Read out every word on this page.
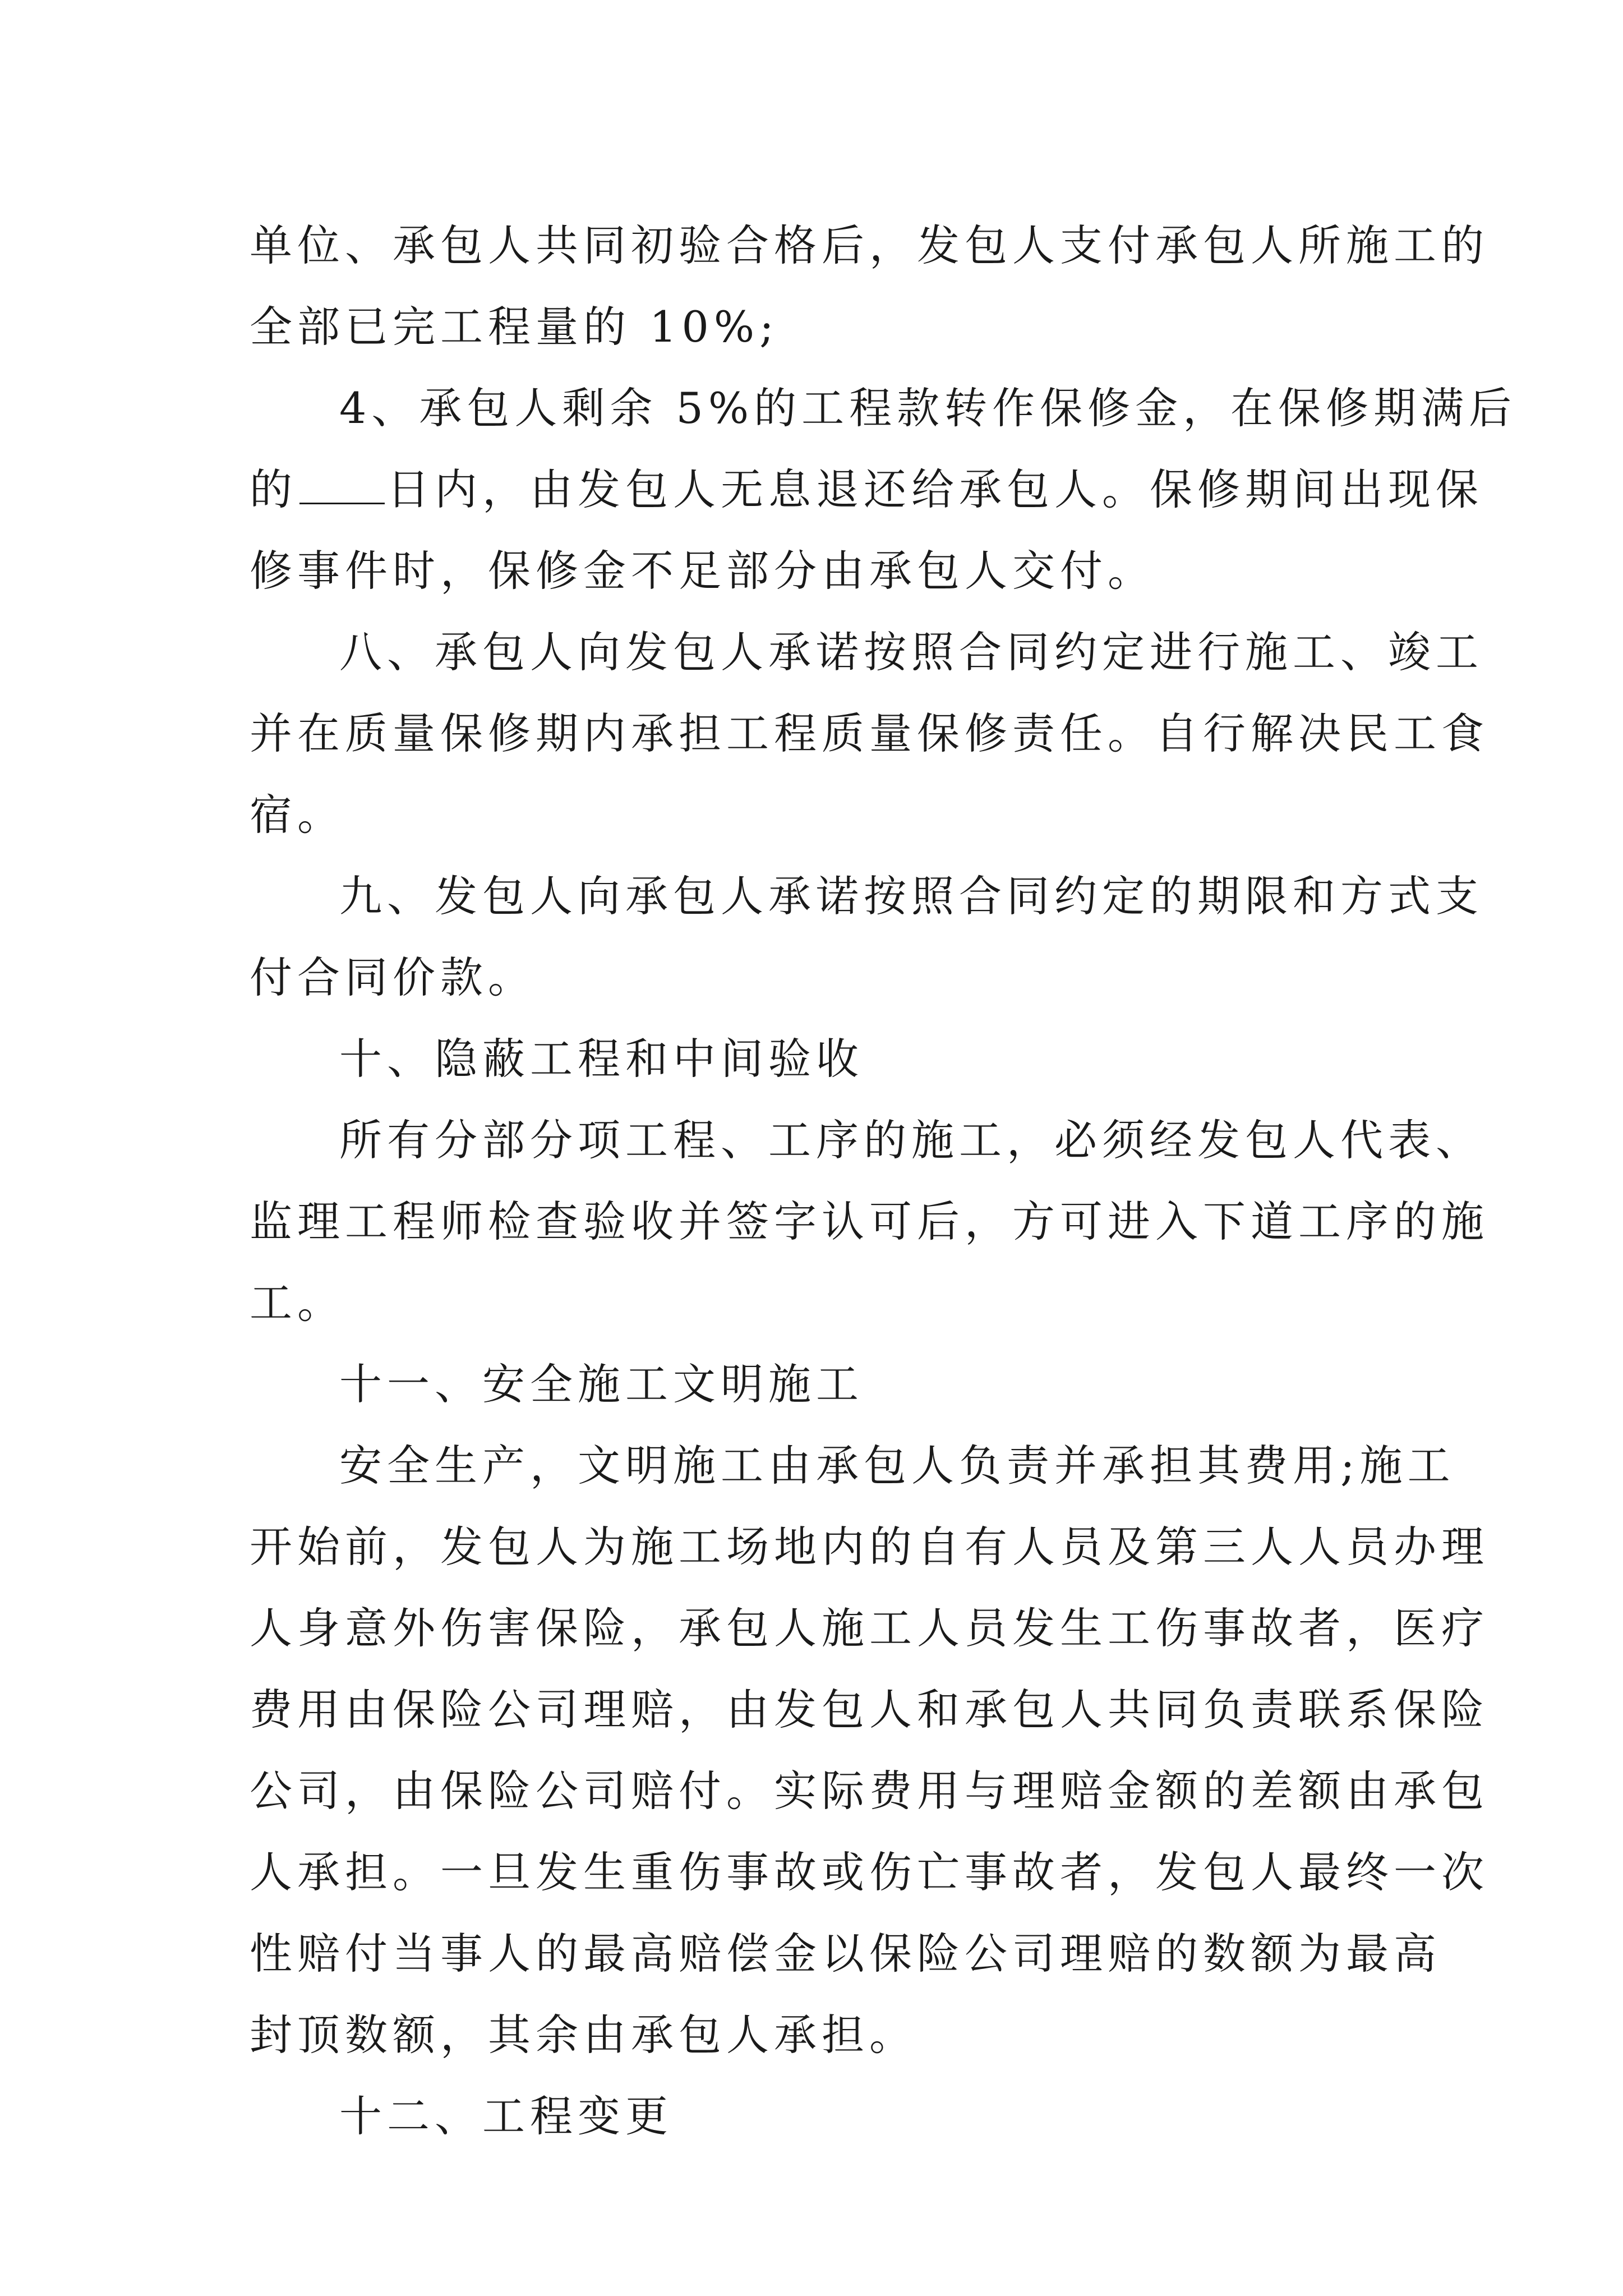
单位、承包人共同初验合格后，发包人支付承包人所施工的
全部已完工程量的 10%;

4、承包人剩余 5%的工程款转作保修金，在保修期满后
的 日内，由发包人无息退还给承包人。保修期间出现保
修事件时，保修金不足部分由承包人交付。

八、承包人向发包人承诺按照合同约定进行施工、竣工
并在质量保修期内承担工程质量保修责任。自行解决民工食
宿。

九、发包人向承包人承诺按照合同约定的期限和方式支
付合同价款。

十、隐蔽工程和中间验收

所有分部分项工程、工序的施工，必须经发包人代表、
监理工程师检查验收并签字认可后，方可进入下道工序的施
工。

十一、安全施工文明施工

安全生产，文明施工由承包人负责并承担其费用;施工
开始前，发包人为施工场地内的自有人员及第三人人员办理
人身意外伤害保险，承包人施工人员发生工伤事故者，医疗
费用由保险公司理赔，由发包人和承包人共同负责联系保险
公司，由保险公司赔付。实际费用与理赔金额的差额由承包
人承担。一旦发生重伤事故或伤亡事故者，发包人最终一次
性赔付当事人的最高赔偿金以保险公司理赔的数额为最高
封顶数额，其余由承包人承担。

十二、工程变更
